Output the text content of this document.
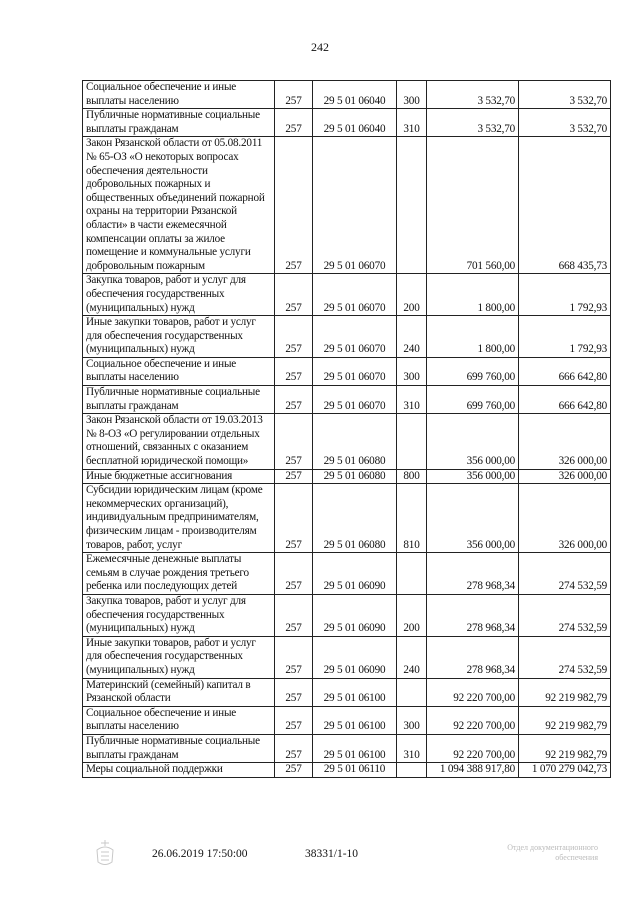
242
Социальное обеспечение и иные выплаты населению	257	29 5 01 06040	300	3 532,70	3 532,70
Публичные нормативные социальные выплаты гражданам	257	29 5 01 06040	310	3 532,70	3 532,70
Закон Рязанской области от 05.08.2011 № 65-ОЗ «О некоторых вопросах обеспечения деятельности добровольных пожарных и общественных объединений пожарной охраны на территории Рязанской области» в части ежемесячной компенсации оплаты за жилое помещение и коммунальные услуги добровольным пожарным	257	29 5 01 06070		701 560,00	668 435,73
Закупка товаров, работ и услуг для обеспечения государственных (муниципальных) нужд	257	29 5 01 06070	200	1 800,00	1 792,93
Иные закупки товаров, работ и услуг для обеспечения государственных (муниципальных) нужд	257	29 5 01 06070	240	1 800,00	1 792,93
Социальное обеспечение и иные выплаты населению	257	29 5 01 06070	300	699 760,00	666 642,80
Публичные нормативные социальные выплаты гражданам	257	29 5 01 06070	310	699 760,00	666 642,80
Закон Рязанской области от 19.03.2013 № 8-ОЗ «О регулировании отдельных отношений, связанных с оказанием бесплатной юридической помощи»	257	29 5 01 06080		356 000,00	326 000,00
Иные бюджетные ассигнования	257	29 5 01 06080	800	356 000,00	326 000,00
Субсидии юридическим лицам (кроме некоммерческих организаций), индивидуальным предпринимателям, физическим лицам - производителям товаров, работ, услуг	257	29 5 01 06080	810	356 000,00	326 000,00
Ежемесячные денежные выплаты семьям в случае рождения третьего ребенка или последующих детей	257	29 5 01 06090		278 968,34	274 532,59
Закупка товаров, работ и услуг для обеспечения государственных (муниципальных) нужд	257	29 5 01 06090	200	278 968,34	274 532,59
Иные закупки товаров, работ и услуг для обеспечения государственных (муниципальных) нужд	257	29 5 01 06090	240	278 968,34	274 532,59
Материнский (семейный) капитал в Рязанской области	257	29 5 01 06100		92 220 700,00	92 219 982,79
Социальное обеспечение и иные выплаты населению	257	29 5 01 06100	300	92 220 700,00	92 219 982,79
Публичные нормативные социальные выплаты гражданам	257	29 5 01 06100	310	92 220 700,00	92 219 982,79
Меры социальной поддержки	257	29 5 01 06110		1 094 388 917,80	1 070 279 042,73
26.06.2019 17:50:00	38331/1-10
Отдел документационного
обеспечения
